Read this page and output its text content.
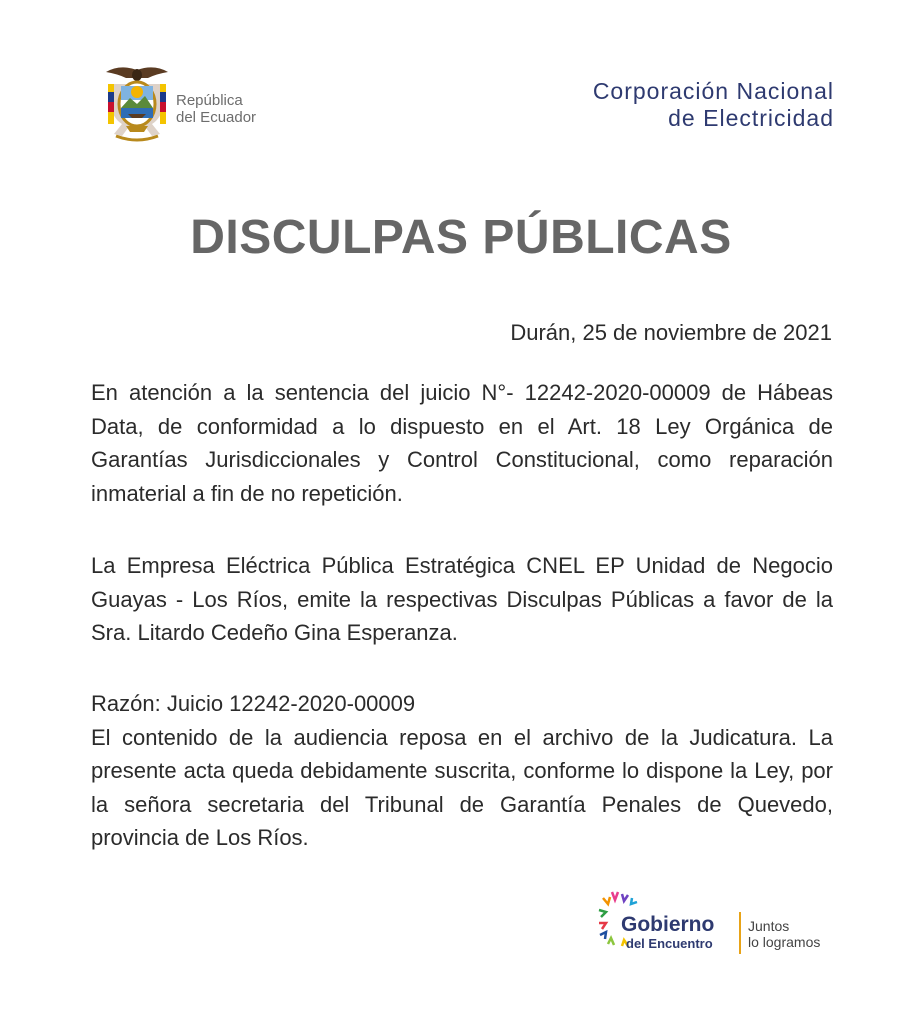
República
del Ecuador
Corporación Nacional
de Electricidad
DISCULPAS PÚBLICAS
Durán, 25 de noviembre de 2021
En atención a la sentencia del juicio N°- 12242-2020-00009 de Hábeas Data, de conformidad a lo dispuesto en el Art. 18 Ley Orgánica de Garantías Jurisdiccionales y Control Constitucional, como reparación inmaterial a fin de no repetición.
La Empresa Eléctrica Pública Estratégica CNEL EP Unidad de Negocio Guayas - Los Ríos, emite la respectivas Disculpas Públicas a favor de la Sra. Litardo Cedeño Gina Esperanza.
Razón: Juicio 12242-2020-00009
El contenido de la audiencia reposa en el archivo de la Judicatura. La presente acta queda debidamente suscrita, conforme lo dispone la Ley, por la señora secretaria del Tribunal de Garantía Penales de Quevedo, provincia de Los Ríos.
Gobierno
del Encuentro
Juntos
lo logramos
